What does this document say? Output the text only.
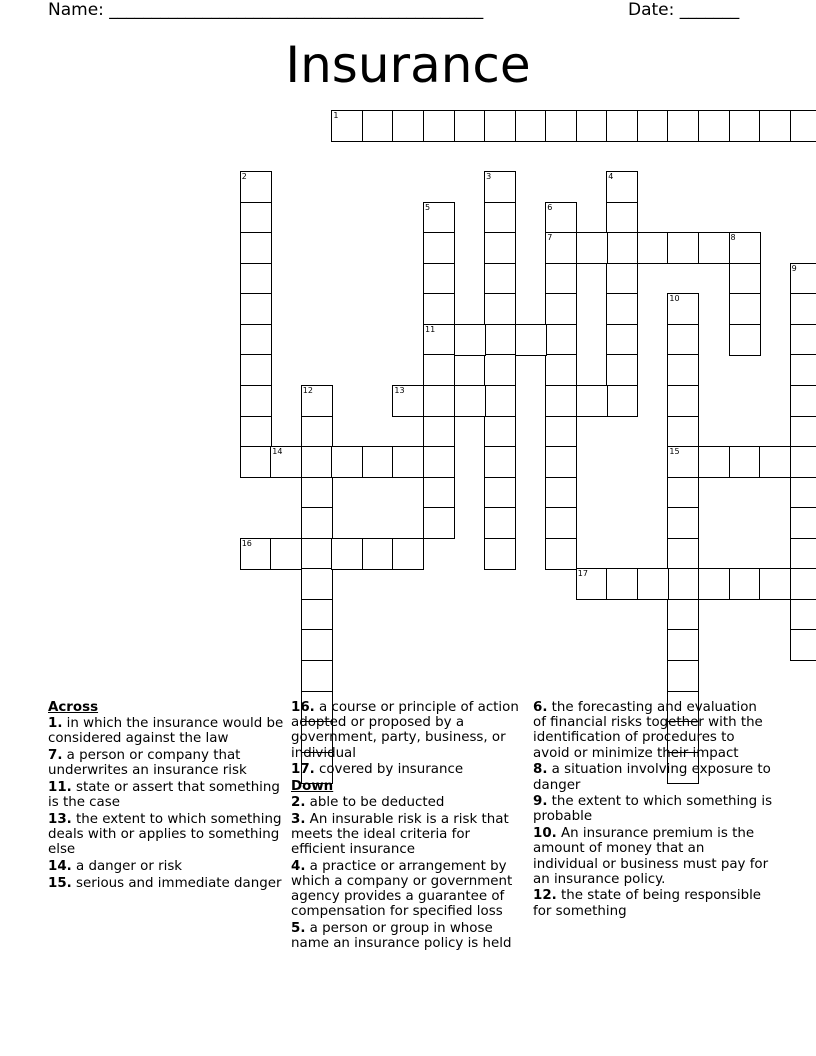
Name: ____________________________________________	Date: _______
Insurance
1
2	3	4
5
11
6
7	8
9
10
15
12	13
14
16
17
Across
1. in which the insurance would be considered against the law
7. a person or company that underwrites an insurance risk
11. state or assert that something is the case
13. the extent to which something deals with or applies to something else
14. a danger or risk
15. serious and immediate danger
16. a course or principle of action adopted or proposed by a government, party, business, or individual
17. covered by insurance
Down
2. able to be deducted
3. An insurable risk is a risk that meets the ideal criteria for efficient insurance
4. a practice or arrangement by which a company or government agency provides a guarantee of compensation for specified loss
5. a person or group in whose name an insurance policy is held
6. the forecasting and evaluation of financial risks together with the identification of procedures to avoid or minimize their impact
8. a situation involving exposure to danger
9. the extent to which something is probable
10. An insurance premium is the amount of money that an individual or business must pay for an insurance policy.
12. the state of being responsible for something
